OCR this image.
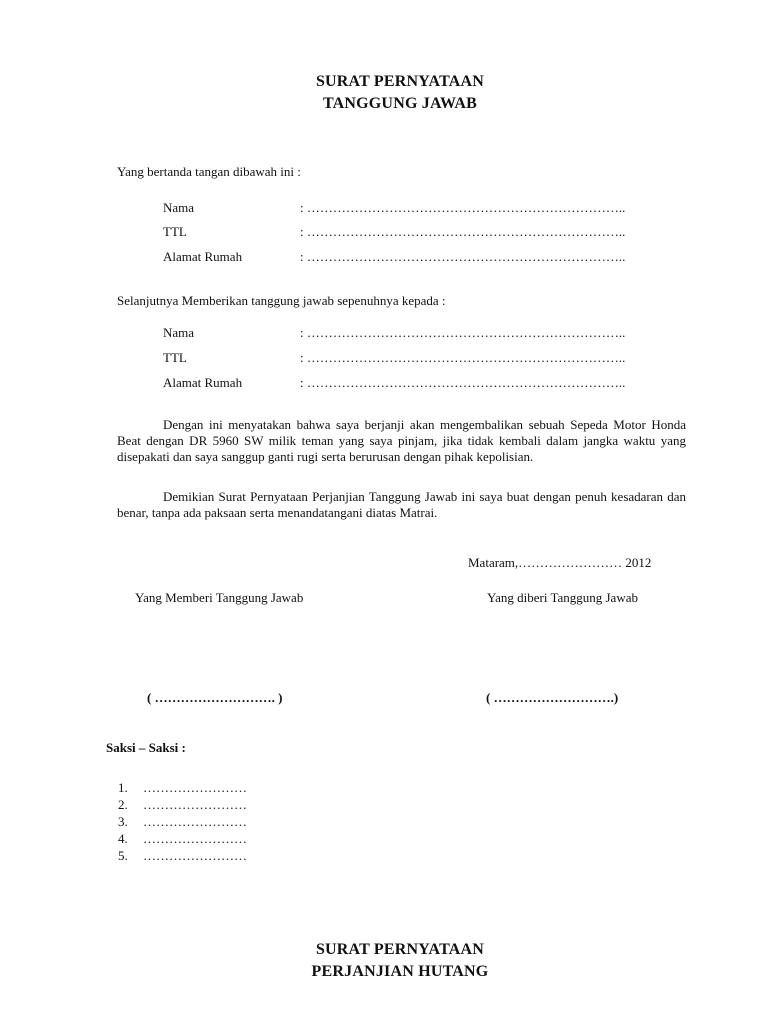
SURAT PERNYATAAN
TANGGUNG JAWAB
Yang bertanda tangan dibawah ini :
Nama	: ………………………………………………………………..
TTL	: ………………………………………………………………..
Alamat Rumah	: ………………………………………………………………..
Selanjutnya Memberikan tanggung jawab sepenuhnya kepada :
Nama	: ………………………………………………………………..
TTL	: ………………………………………………………………..
Alamat Rumah	: ………………………………………………………………..
Dengan ini menyatakan bahwa saya berjanji akan mengembalikan sebuah Sepeda Motor Honda Beat dengan DR 5960 SW milik teman yang saya pinjam, jika tidak kembali dalam jangka waktu yang disepakati dan saya sanggup ganti rugi serta berurusan dengan pihak kepolisian.
Demikian Surat Pernyataan Perjanjian Tanggung Jawab ini saya buat dengan penuh kesadaran dan benar, tanpa ada paksaan serta menandatangani diatas Matrai.
Mataram,…………………… 2012
Yang Memberi Tanggung Jawab	Yang diberi Tanggung Jawab
( ………………………. )	( ……………………….)
Saksi – Saksi :
1. ……………………
2. ……………………
3. ……………………
4. ……………………
5. ……………………
SURAT PERNYATAAN
PERJANJIAN HUTANG
